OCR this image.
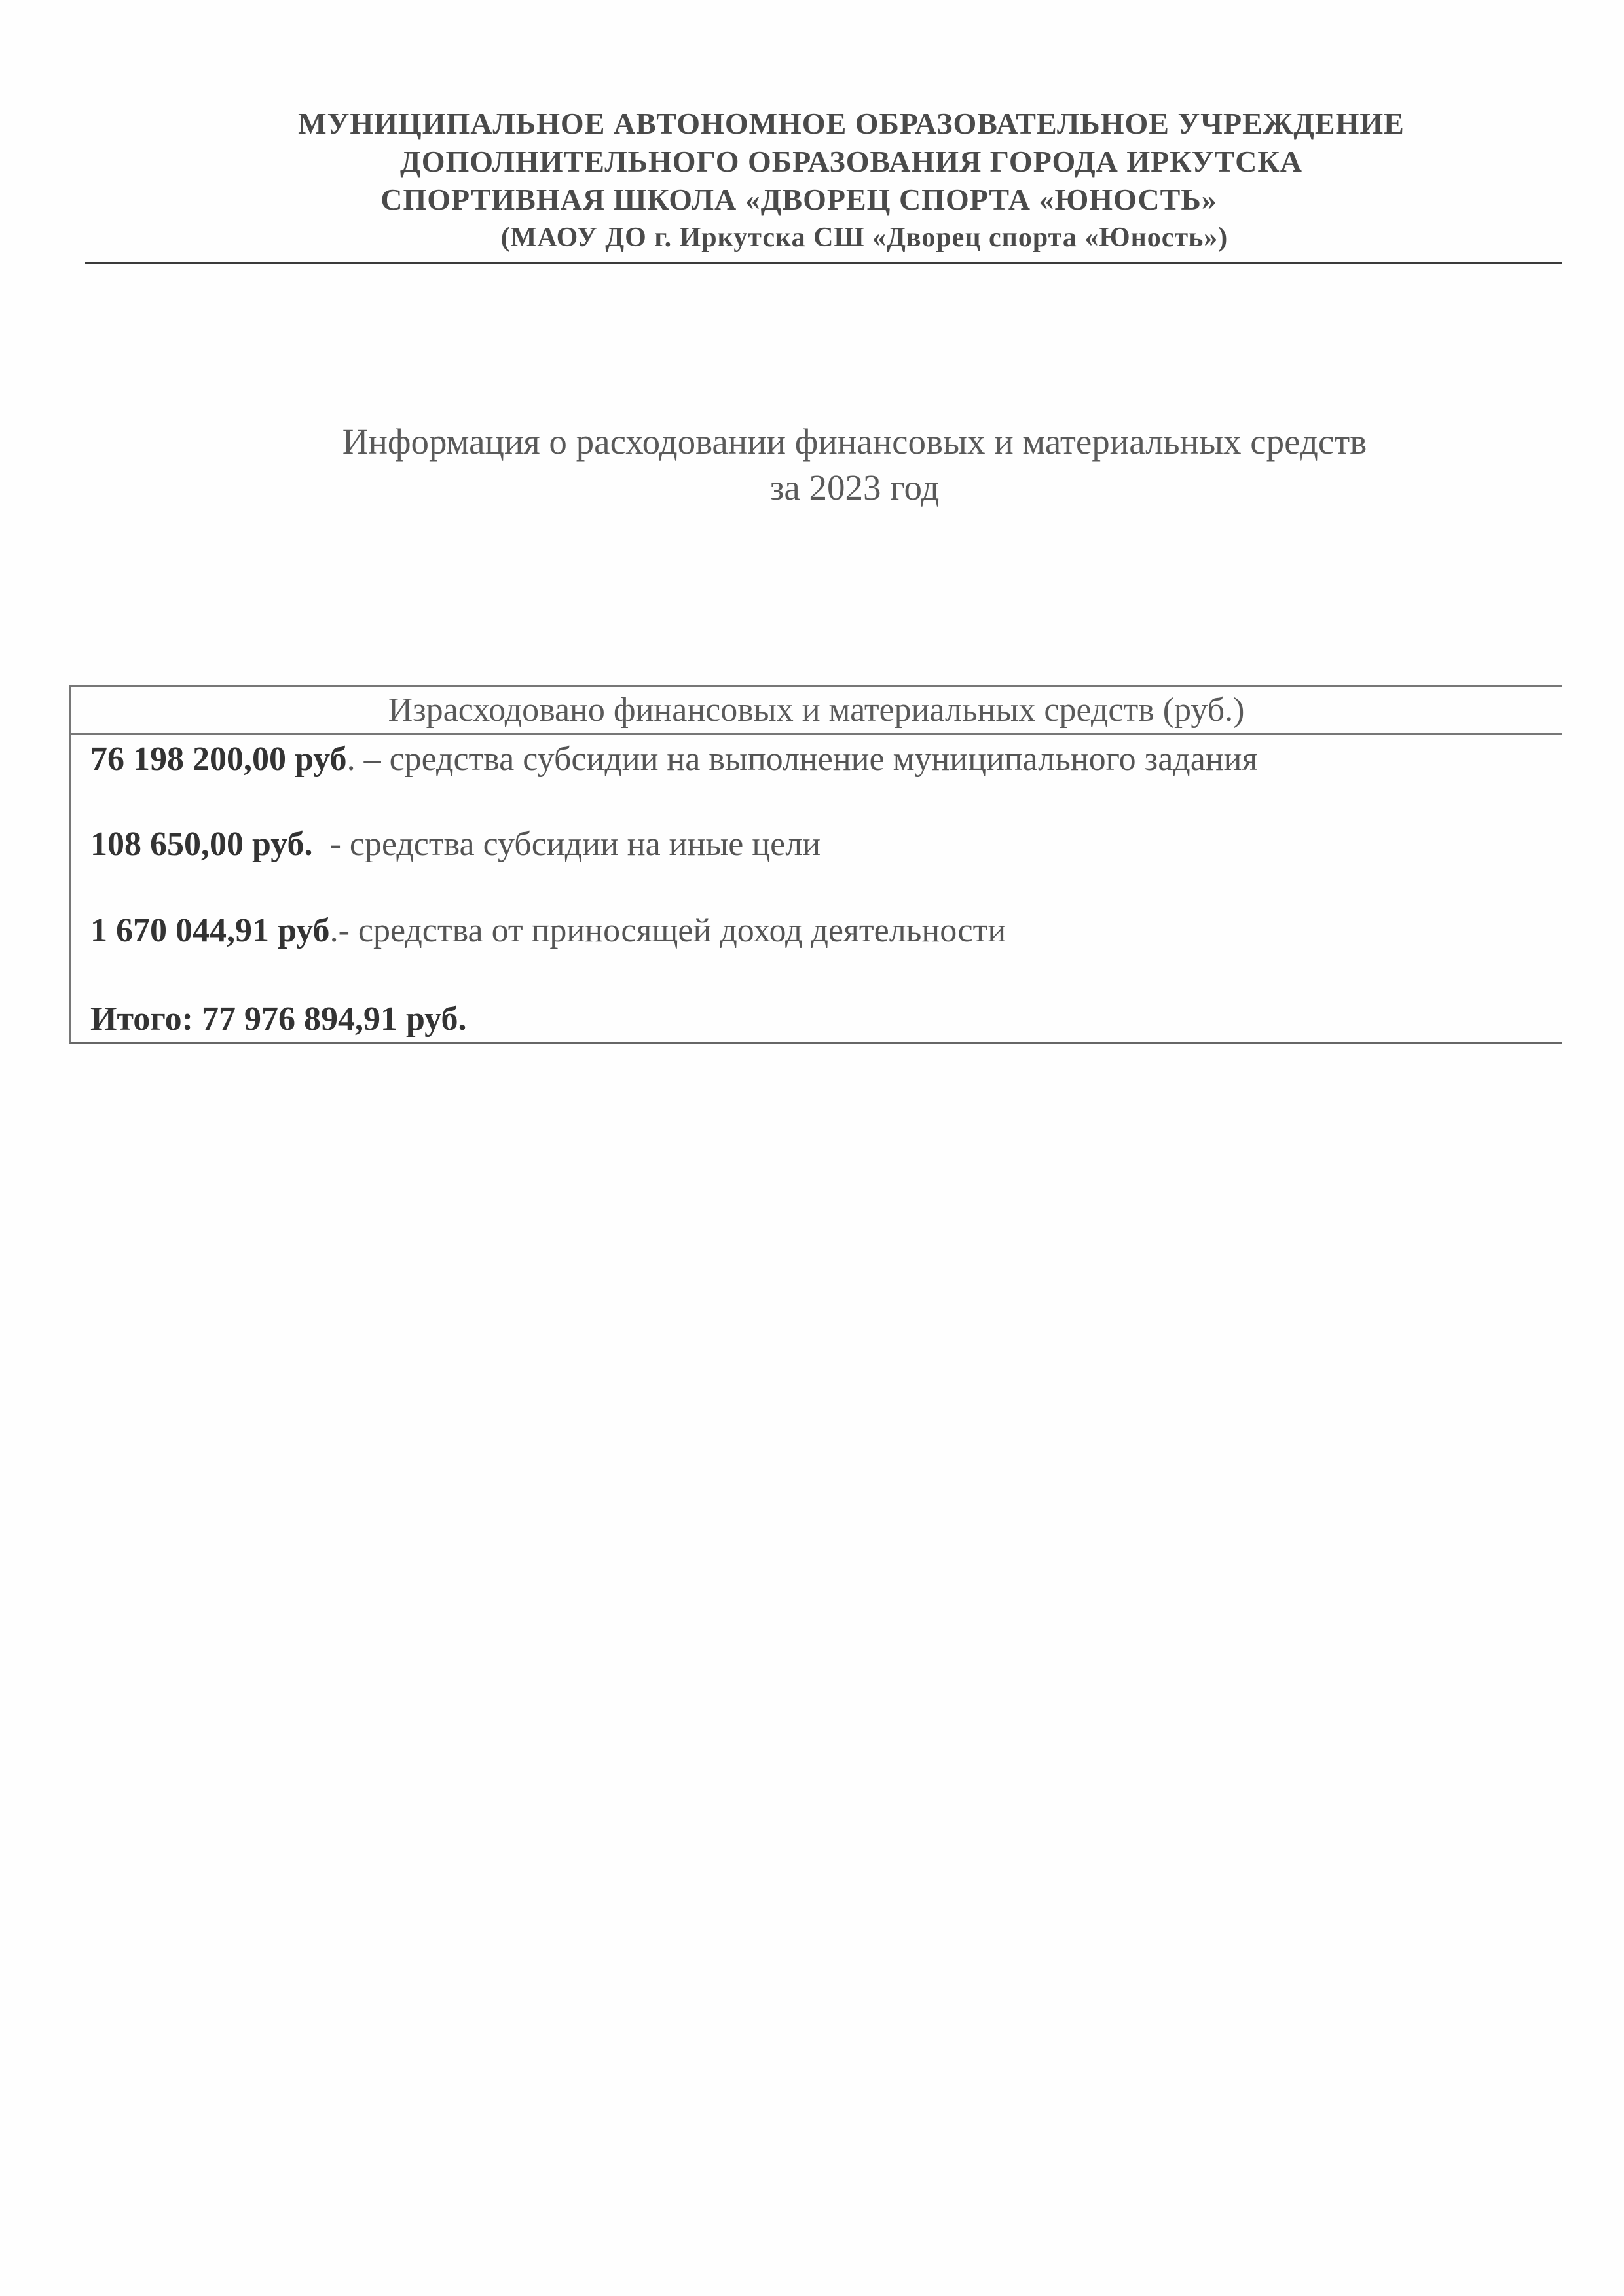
МУНИЦИПАЛЬНОЕ АВТОНОМНОЕ ОБРАЗОВАТЕЛЬНОЕ УЧРЕЖДЕНИЕ
ДОПОЛНИТЕЛЬНОГО ОБРАЗОВАНИЯ ГОРОДА ИРКУТСКА
СПОРТИВНАЯ ШКОЛА «ДВОРЕЦ СПОРТА «ЮНОСТЬ»
(МАОУ ДО г. Иркутска СШ «Дворец спорта «Юность»)
Информация о расходовании финансовых и материальных средств
за 2023 год
Израсходовано финансовых и материальных средств (руб.)
76 198 200,00 руб. – средства субсидии на выполнение муниципального задания
108 650,00 руб.  - средства субсидии на иные цели
1 670 044,91 руб.- средства от приносящей доход деятельности
Итого: 77 976 894,91 руб.
